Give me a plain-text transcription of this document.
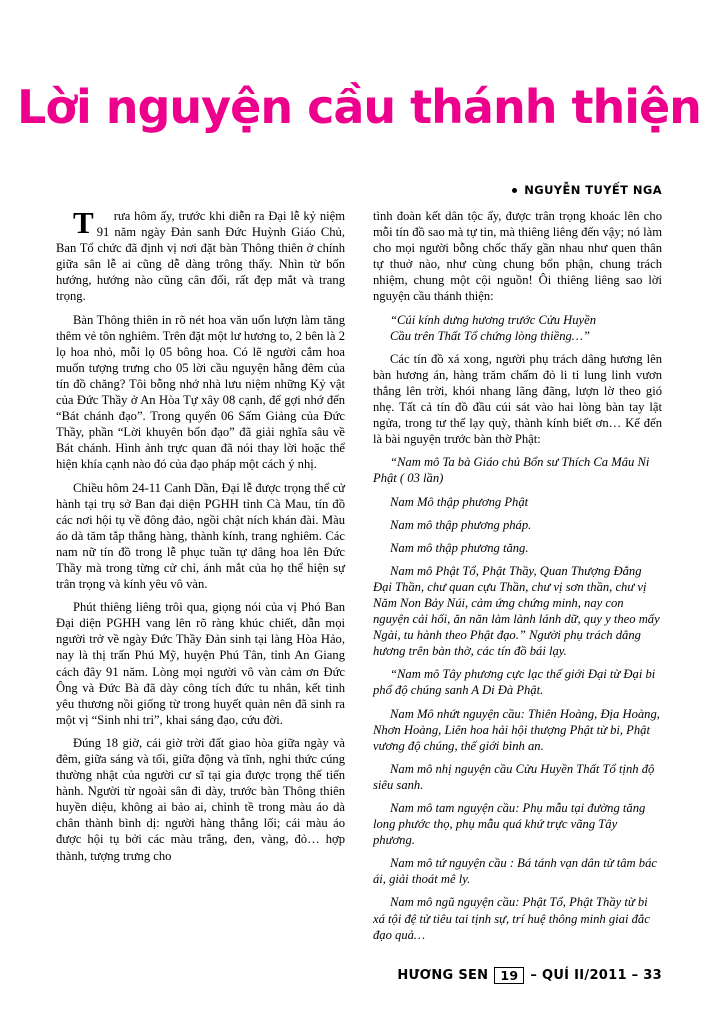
Lời nguyện cầu thánh thiện
NGUYỄN TUYẾT NGA

T rưa hôm ấy, trước khi diễn ra Đại lễ kỷ niệm 91 năm ngày Đản sanh Đức Huỳnh Giáo Chủ, Ban Tổ chức đã định vị nơi đặt bàn Thông thiên ở chính giữa sân lễ ai cũng dễ dàng trông thấy. Nhìn từ bốn hướng, hướng nào cũng cân đối, rất đẹp mắt và trang trọng.

Bàn Thông thiên in rõ nét hoa văn uốn lượn làm tăng thêm vẻ tôn nghiêm. Trên đặt một lư hương to, 2 bên là 2 lọ hoa nhỏ, mỗi lọ 05 bông hoa. Có lẽ người cắm hoa muốn tượng trưng cho 05 lời cầu nguyện hằng đêm của tín đồ chăng? Tôi bỗng nhớ nhà lưu niệm những Kỷ vật của Đức Thầy ở An Hòa Tự xây 08 cạnh, để gợi nhớ đến “Bát chánh đạo”. Trong quyển 06 Sấm Giảng của Đức Thầy, phần “Lời khuyên bốn đạo” đã giải nghĩa sâu về Bát chánh. Hình ảnh trực quan đã nói thay lời hoặc thể hiện khía cạnh nào đó của đạo pháp một cách ý nhị.

Chiều hôm 24-11 Canh Dần, Đại lễ được trọng thể cử hành tại trụ sở Ban đại diện PGHH tỉnh Cà Mau, tín đồ các nơi hội tụ về đông đảo, ngồi chật ních khán đài. Màu áo dà tăm tắp thẳng hàng, thành kính, trang nghiêm. Các nam nữ tín đồ trong lễ phục tuần tự dâng hoa lên Đức Thầy mà trong từng cử chỉ, ánh mắt của họ thể hiện sự trân trọng và kính yêu vô vàn.

Phút thiêng liêng trôi qua, giọng nói của vị Phó Ban Đại diện PGHH vang lên rõ ràng khúc chiết, dẫn mọi người trở về ngày Đức Thầy Đản sinh tại làng Hòa Hảo, nay là thị trấn Phú Mỹ, huyện Phú Tân, tỉnh An Giang cách đây 91 năm. Lòng mọi người vô vàn cảm ơn Đức Ông và Đức Bà đã dày công tích đức tu nhân, kết tinh yêu thương nồi giống từ trong huyết quản nên đã sinh ra một vị “Sinh nhi tri”, khai sáng đạo, cứu đời.

Đúng 18 giờ, cái giờ trời đất giao hòa giữa ngày và đêm, giữa sáng và tối, giữa động và tĩnh, nghi thức cúng thường nhật của người cư sĩ tại gia được trọng thể tiến hành. Người từ ngoài sân đi dày, trước bàn Thông thiên huyền diệu, không ai bảo ai, chỉnh tề trong màu áo dà chân thành bình dị: người hàng thẳng lối; cái màu áo được hội tụ bởi các màu trắng, đen, vàng, đỏ… hợp thành, tượng trưng cho

tình đoàn kết dân tộc ấy, được trân trọng khoác lên cho mỗi tín đồ sao mà tự tin, mà thiêng liêng đến vậy; nó làm cho mọi người bỗng chốc thấy gần nhau như quen thân tự thuở nào, như cùng chung bổn phận, chung trách nhiệm, chung một cội nguồn! Ôi thiêng liêng sao lời nguyện cầu thánh thiện:

“Cúi kính dưng hương trước Cửu Huyền

Cầu trên Thất Tổ chứng lòng thiềng…”

Các tín đồ xá xong, người phụ trách dâng hương lên bàn hương án, hàng trăm chấm đỏ li ti lung linh vươn thẳng lên trời, khói nhang lãng đãng, lượn lờ theo gió nhẹ. Tất cả tín đồ đầu cúi sát vào hai lòng bàn tay lật ngửa, trong tư thế lạy quỳ, thành kính biết ơn… Kế đến là bài nguyện trước bàn thờ Phật:

“Nam mô Ta bà Giáo chủ Bổn sư Thích Ca Mâu Ni Phật ( 03 lần)

Nam Mô thập phương Phật

Nam mô thập phương pháp.

Nam mô thập phương tăng.

Nam mô Phật Tổ, Phật Thầy, Quan Thượng Đẳng Đại Thần, chư quan cựu Thần, chư vị sơn thần, chư vị Năm Non Bảy Núi, cảm ứng chứng minh, nay con nguyện cải hối, ăn năn làm lành lánh dữ, quy y theo mấy Ngài, tu hành theo Phật đạo.” Người phụ trách dâng hương trên bàn thờ, các tín đồ bái lạy.

“Nam mô Tây phương cực lạc thế giới Đại từ Đại bi phổ độ chúng sanh A Di Đà Phật.

Nam Mô nhứt nguyện cầu: Thiên Hoàng, Địa Hoàng, Nhơn Hoàng, Liên hoa hải hội thượng Phật từ bi, Phật vương độ chúng, thế giới bình an.

Nam mô nhị nguyện cầu Cửu Huyền Thất Tổ tịnh độ siêu sanh.

Nam mô tam nguyện cầu: Phụ mẫu tại đường tăng long phước thọ, phụ mẫu quá khứ trực vãng Tây phương.

Nam mô tứ nguyện cầu : Bá tánh vạn dân từ tâm bác ái, giải thoát mê ly.

Nam mô ngũ nguyện cầu: Phật Tổ, Phật Thầy từ bi xá tội đệ tử tiêu tai tịnh sự, trí huệ thông minh giai đắc đạo quả…

HƯƠNG SEN 19 – QUÍ II/2011 – 33
